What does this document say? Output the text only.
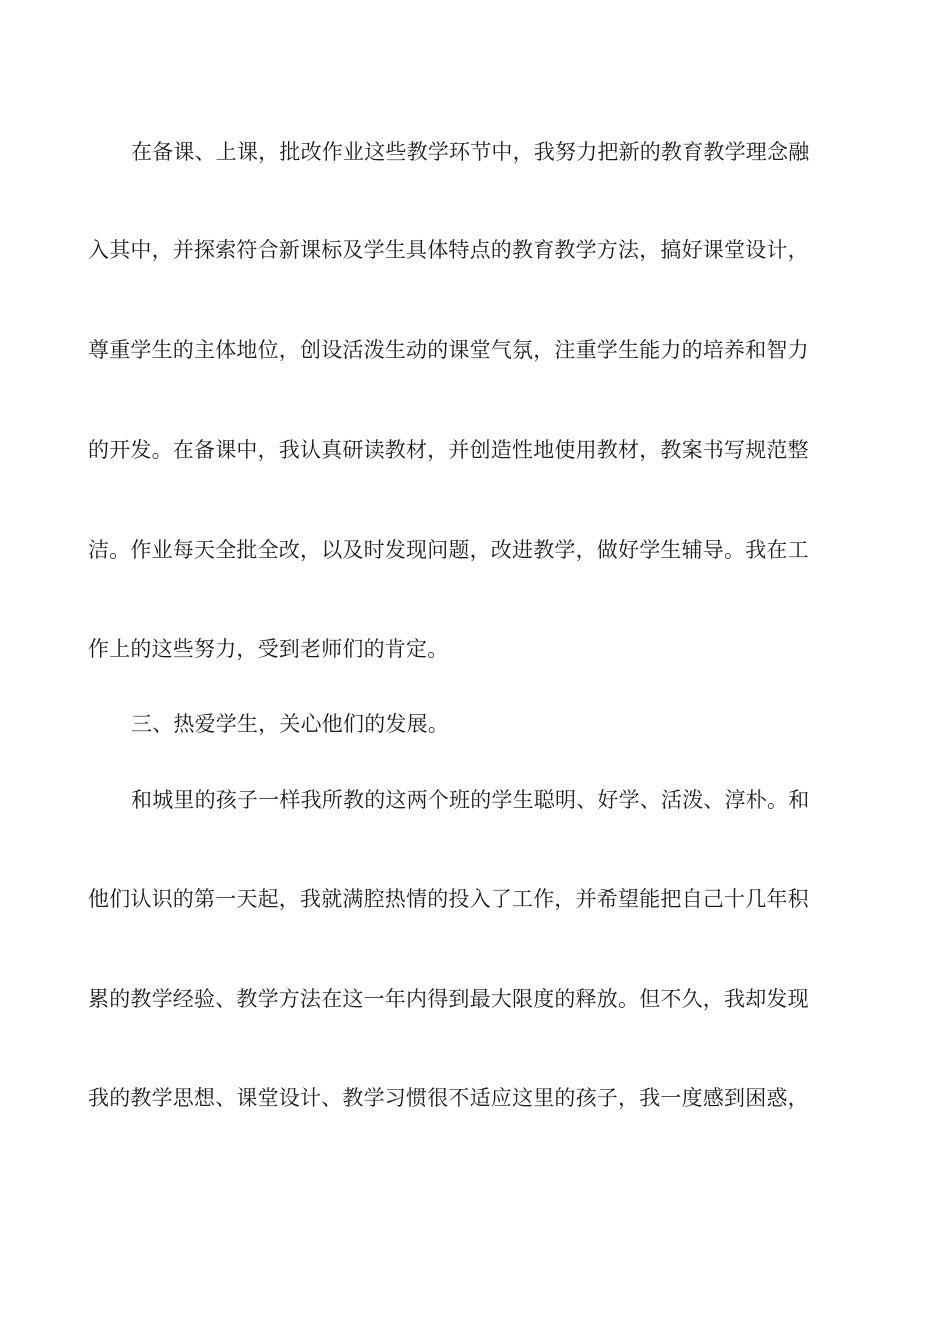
在备课、上课，批改作业这些教学环节中，我努力把新的教育教学理念融
入其中，并探索符合新课标及学生具体特点的教育教学方法，搞好课堂设计，
尊重学生的主体地位，创设活泼生动的课堂气氛，注重学生能力的培养和智力
的开发。在备课中，我认真研读教材，并创造性地使用教材，教案书写规范整
洁。作业每天全批全改，以及时发现问题，改进教学，做好学生辅导。我在工
作上的这些努力，受到老师们的肯定。
三、热爱学生，关心他们的发展。
和城里的孩子一样我所教的这两个班的学生聪明、好学、活泼、淳朴。和
他们认识的第一天起，我就满腔热情的投入了工作，并希望能把自己十几年积
累的教学经验、教学方法在这一年内得到最大限度的释放。但不久，我却发现
我的教学思想、课堂设计、教学习惯很不适应这里的孩子，我一度感到困惑，
